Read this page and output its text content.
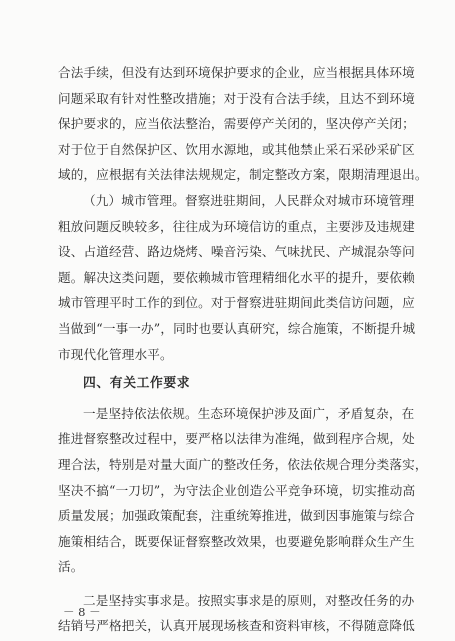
合法手续，但没有达到环境保护要求的企业，应当根据具体环境
问题采取有针对性整改措施；对于没有合法手续，且达不到环境
保护要求的，应当依法整治，需要停产关闭的，坚决停产关闭；
对于位于自然保护区、饮用水源地，或其他禁止采石采砂采矿区
域的，应根据有关法律法规规定，制定整改方案，限期清理退出。
（九）城市管理。督察进驻期间，人民群众对城市环境管理
粗放问题反映较多，往往成为环境信访的重点，主要涉及违规建
设、占道经营、路边烧烤、噪音污染、气味扰民、产城混杂等问
题。解决这类问题，要依赖城市管理精细化水平的提升，要依赖
城市管理平时工作的到位。对于督察进驻期间此类信访问题，应
当做到“一事一办”，同时也要认真研究，综合施策，不断提升城
市现代化管理水平。
四、有关工作要求
一是坚持依法依规。生态环境保护涉及面广，矛盾复杂，在
推进督察整改过程中，要严格以法律为准绳，做到程序合规，处
理合法，特别是对量大面广的整改任务，依法依规合理分类落实，
坚决不搞“一刀切”，为守法企业创造公平竞争环境，切实推动高
质量发展；加强政策配套，注重统筹推进，做到因事施策与综合
施策相结合，既要保证督察整改效果，也要避免影响群众生产生
活。
二是坚持实事求是。按照实事求是的原则，对整改任务的办
结销号严格把关，认真开展现场核查和资料审核，不得随意降低
－ 8 －
